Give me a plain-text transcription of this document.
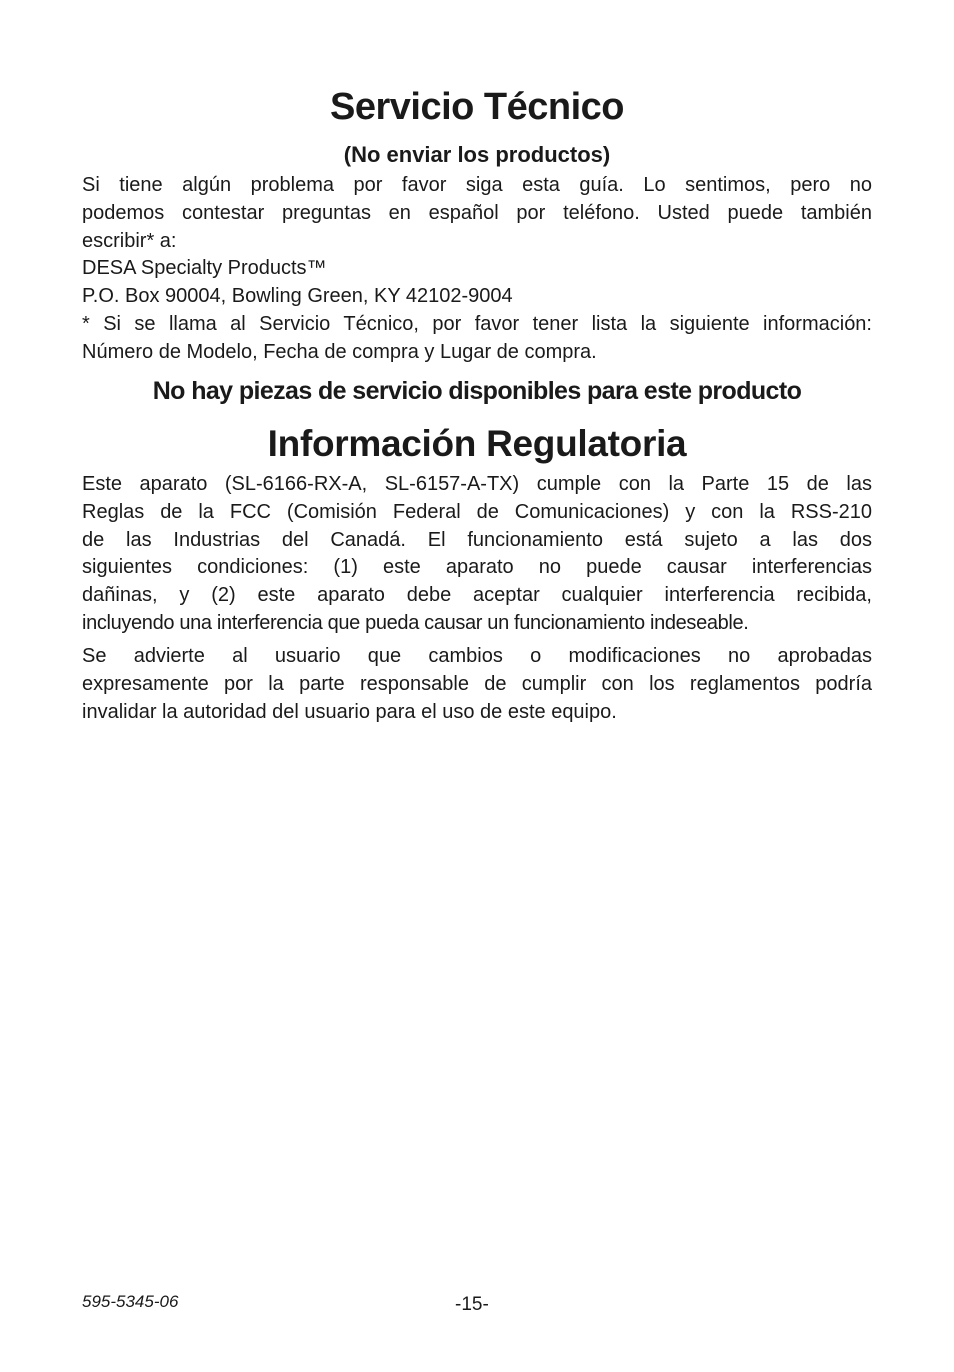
Servicio Técnico
(No enviar los productos)
Si tiene algún problema por favor siga esta guía. Lo sentimos, pero no
podemos contestar preguntas en español por teléfono. Usted puede también
escribir* a:
DESA Specialty Products™
P.O. Box 90004, Bowling Green, KY 42102-9004
* Si se llama al Servicio Técnico, por favor tener lista la siguiente información:
Número de Modelo, Fecha de compra y Lugar de compra.
No hay piezas de servicio disponibles para este producto
Información Regulatoria
Este aparato (SL-6166-RX-A, SL-6157-A-TX) cumple con la Parte 15 de las
Reglas de la FCC (Comisión Federal de Comunicaciones) y con la RSS-210
de las Industrias del Canadá. El funcionamiento está sujeto a las dos
siguientes condiciones: (1) este aparato no puede causar interferencias
dañinas, y (2) este aparato debe aceptar cualquier interferencia recibida,
incluyendo una interferencia que pueda causar un funcionamiento indeseable.
Se advierte al usuario que cambios o modificaciones no aprobadas
expresamente por la parte responsable de cumplir con los reglamentos podría
invalidar la autoridad del usuario para el uso de este equipo.
595-5345-06	-15-
